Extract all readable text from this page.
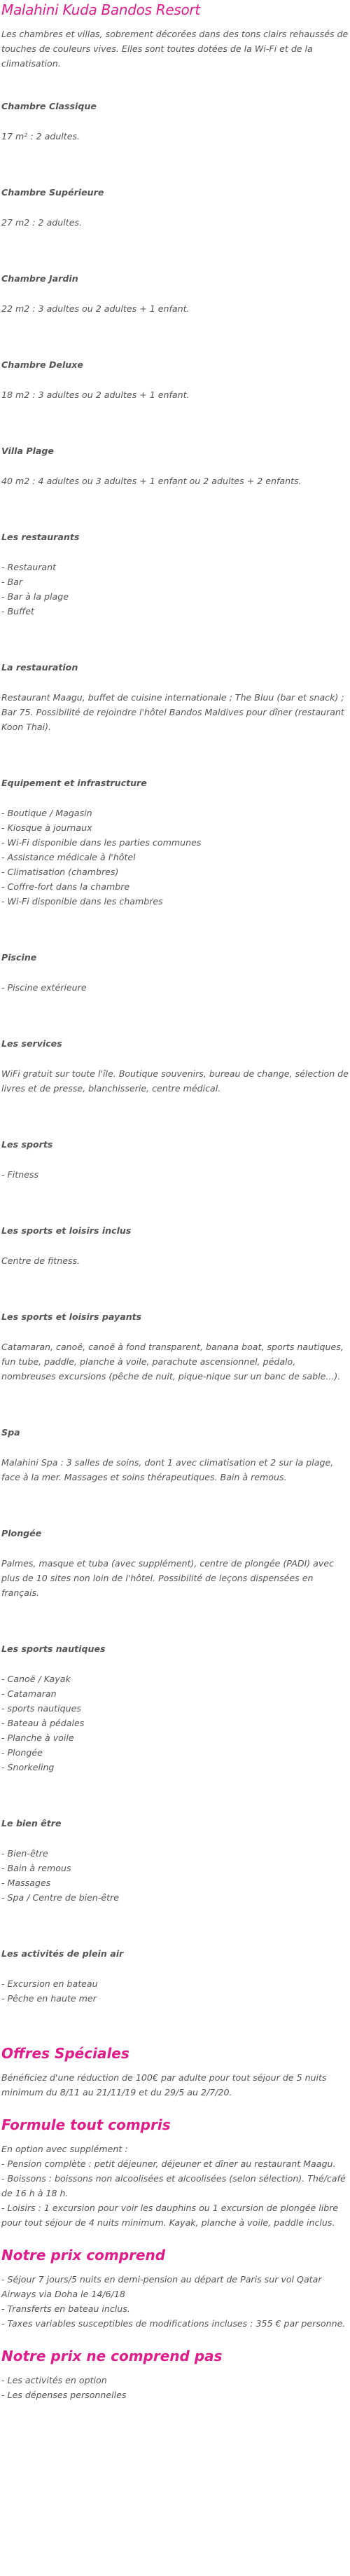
Malahini Kuda Bandos Resort

Les chambres et villas, sobrement décorées dans des tons clairs rehaussés de touches de couleurs vives. Elles sont toutes dotées de la Wi-Fi et de la climatisation.

Chambre Classique

17 m² : 2 adultes.

Chambre Supérieure

27 m2 : 2 adultes.

Chambre Jardin

22 m2 : 3 adultes ou 2 adultes + 1 enfant.

Chambre Deluxe

18 m2 : 3 adultes ou 2 adultes + 1 enfant.

Villa Plage

40 m2 : 4 adultes ou 3 adultes + 1 enfant ou 2 adultes + 2 enfants.

Les restaurants

- Restaurant

- Bar

- Bar à la plage

- Buffet

La restauration

Restaurant Maagu, buffet de cuisine internationale ; The Bluu (bar et snack) ; Bar 75. Possibilité de rejoindre l'hôtel Bandos Maldives pour dîner (restaurant Koon Thai).

Equipement et infrastructure

- Boutique / Magasin

- Kiosque à journaux

- Wi-Fi disponible dans les parties communes

- Assistance médicale à l'hôtel

- Climatisation (chambres)

- Coffre-fort dans la chambre

- Wi-Fi disponible dans les chambres

Piscine

- Piscine extérieure

Les services

WiFi gratuit sur toute l'île. Boutique souvenirs, bureau de change, sélection de livres et de presse, blanchisserie, centre médical.

Les sports

- Fitness

Les sports et loisirs inclus

Centre de fitness.

Les sports et loisirs payants

Catamaran, canoë, canoë à fond transparent, banana boat, sports nautiques, fun tube, paddle, planche à voile, parachute ascensionnel, pédalo, nombreuses excursions (pêche de nuit, pique-nique sur un banc de sable...).

Spa

Malahini Spa : 3 salles de soins, dont 1 avec climatisation et 2 sur la plage, face à la mer. Massages et soins thérapeutiques. Bain à remous.

Plongée

Palmes, masque et tuba (avec supplément), centre de plongée (PADI) avec plus de 10 sites non loin de l'hôtel. Possibilité de leçons dispensées en français.

Les sports nautiques

- Canoë / Kayak

- Catamaran

- sports nautiques

- Bateau à pédales

- Planche à voile

- Plongée

- Snorkeling

Le bien être

- Bien-être

- Bain à remous

- Massages

- Spa / Centre de bien-être

Les activités de plein air

- Excursion en bateau

- Pêche en haute mer

Offres Spéciales

Bénéficiez d'une réduction de 100€ par adulte pour tout séjour de 5 nuits minimum du 8/11 au 21/11/19 et du 29/5 au 2/7/20.

Formule tout compris

En option avec supplément :

- Pension complète : petit déjeuner, déjeuner et dîner au restaurant Maagu.

- Boissons : boissons non alcoolisées et alcoolisées (selon sélection). Thé/café de 16 h à 18 h.

- Loisirs : 1 excursion pour voir les dauphins ou 1 excursion de plongée libre pour tout séjour de 4 nuits minimum. Kayak, planche à voile, paddle inclus.

Notre prix comprend

- Séjour 7 jours/5 nuits en demi-pension au départ de Paris sur vol Qatar Airways via Doha le 14/6/18

- Transferts en bateau inclus.

- Taxes variables susceptibles de modifications incluses : 355 € par personne.

Notre prix ne comprend pas

- Les activités en option

- Les dépenses personnelles
